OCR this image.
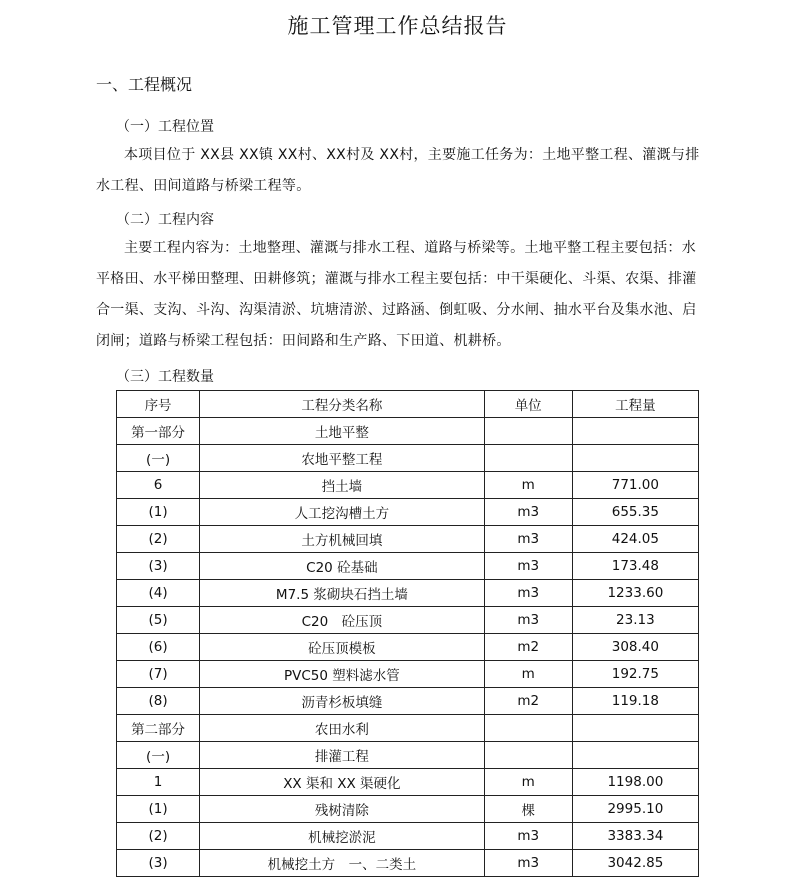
施工管理工作总结报告
一、工程概况
（一）工程位置

本项目位于 XX县 XX镇 XX村、XX村及 XX村，主要施工任务为：土地平整工程、灌溉与排水工程、田间道路与桥梁工程等。

（二）工程内容

主要工程内容为：土地整理、灌溉与排水工程、道路与桥梁等。土地平整工程主要包括：水平格田、水平梯田整理、田耕修筑；灌溉与排水工程主要包括：中干渠硬化、斗渠、农渠、排灌合一渠、支沟、斗沟、沟渠清淤、坑塘清淤、过路涵、倒虹吸、分水闸、抽水平台及集水池、启闭闸；道路与桥梁工程包括：田间路和生产路、下田道、机耕桥。

（三）工程数量
序号	工程分类名称	单位	工程量
第一部分	土地平整		
(一)	农地平整工程		
6	挡土墙	m	771.00
(1)	人工挖沟槽土方	m3	655.35
(2)	土方机械回填	m3	424.05
(3)	C20 砼基础	m3	173.48
(4)	M7.5 浆砌块石挡土墙	m3	1233.60
(5)	C20　砼压顶	m3	23.13
(6)	砼压顶模板	m2	308.40
(7)	PVC50 塑料滤水管	m	192.75
(8)	沥青杉板填缝	m2	119.18
第二部分	农田水利		
(一)	排灌工程		
1	XX 渠和 XX 渠硬化	m	1198.00
(1)	残树清除	棵	2995.10
(2)	机械挖淤泥	m3	3383.34
(3)	机械挖土方　一、二类土	m3	3042.85
